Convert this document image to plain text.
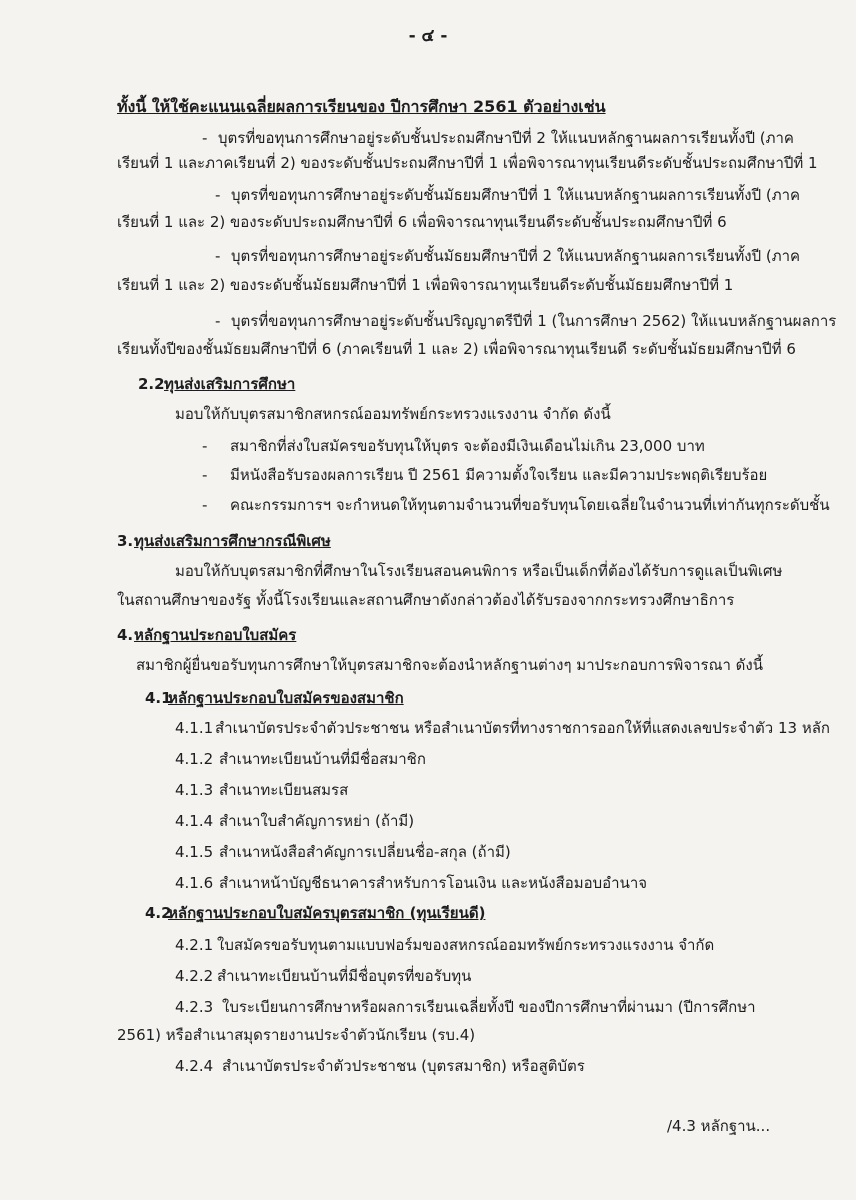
- ๔ -
ทั้งนี้ ให้ใช้คะแนนเฉลี่ยผลการเรียนของ ปีการศึกษา 2561 ตัวอย่างเช่น
- บุตรที่ขอทุนการศึกษาอยู่ระดับชั้นประถมศึกษาปีที่ 2 ให้แนบหลักฐานผลการเรียนทั้งปี (ภาค
เรียนที่ 1 และภาคเรียนที่ 2) ของระดับชั้นประถมศึกษาปีที่ 1 เพื่อพิจารณาทุนเรียนดีระดับชั้นประถมศึกษาปีที่ 1
- บุตรที่ขอทุนการศึกษาอยู่ระดับชั้นมัธยมศึกษาปีที่ 1 ให้แนบหลักฐานผลการเรียนทั้งปี (ภาค
เรียนที่ 1 และ 2) ของระดับประถมศึกษาปีที่ 6 เพื่อพิจารณาทุนเรียนดีระดับชั้นประถมศึกษาปีที่ 6
- บุตรที่ขอทุนการศึกษาอยู่ระดับชั้นมัธยมศึกษาปีที่ 2 ให้แนบหลักฐานผลการเรียนทั้งปี (ภาค
เรียนที่ 1 และ 2) ของระดับชั้นมัธยมศึกษาปีที่ 1 เพื่อพิจารณาทุนเรียนดีระดับชั้นมัธยมศึกษาปีที่ 1
- บุตรที่ขอทุนการศึกษาอยู่ระดับชั้นปริญญาตรีปีที่ 1 (ในการศึกษา 2562) ให้แนบหลักฐานผลการ
เรียนทั้งปีของชั้นมัธยมศึกษาปีที่ 6 (ภาคเรียนที่ 1 และ 2) เพื่อพิจารณาทุนเรียนดี ระดับชั้นมัธยมศึกษาปีที่ 6
2.2 ทุนส่งเสริมการศึกษา
มอบให้กับบุตรสมาชิกสหกรณ์ออมทรัพย์กระทรวงแรงงาน จำกัด ดังนี้
- สมาชิกที่ส่งใบสมัครขอรับทุนให้บุตร จะต้องมีเงินเดือนไม่เกิน 23,000 บาท
- มีหนังสือรับรองผลการเรียน ปี 2561 มีความตั้งใจเรียน และมีความประพฤติเรียบร้อย
- คณะกรรมการฯ จะกำหนดให้ทุนตามจำนวนที่ขอรับทุนโดยเฉลี่ยในจำนวนที่เท่ากันทุกระดับชั้น
3. ทุนส่งเสริมการศึกษากรณีพิเศษ
มอบให้กับบุตรสมาชิกที่ศึกษาในโรงเรียนสอนคนพิการ หรือเป็นเด็กที่ต้องได้รับการดูแลเป็นพิเศษ
ในสถานศึกษาของรัฐ ทั้งนี้โรงเรียนและสถานศึกษาดังกล่าวต้องได้รับรองจากกระทรวงศึกษาธิการ
4. หลักฐานประกอบใบสมัคร
สมาชิกผู้ยื่นขอรับทุนการศึกษาให้บุตรสมาชิกจะต้องนำหลักฐานต่างๆ มาประกอบการพิจารณา ดังนี้
4.1
หลักฐานประกอบใบสมัครของสมาชิก
4.1.1 สำเนาบัตรประจำตัวประชาชน หรือสำเนาบัตรที่ทางราชการออกให้ที่แสดงเลขประจำตัว 13 หลัก
4.1.2 สำเนาทะเบียนบ้านที่มีชื่อสมาชิก
4.1.3 สำเนาทะเบียนสมรส
4.1.4 สำเนาใบสำคัญการหย่า (ถ้ามี)
4.1.5 สำเนาหนังสือสำคัญการเปลี่ยนชื่อ-สกุล (ถ้ามี)
4.1.6 สำเนาหน้าบัญชีธนาคารสำหรับการโอนเงิน และหนังสือมอบอำนาจ
4.2
หลักฐานประกอบใบสมัครบุตรสมาชิก (ทุนเรียนดี)
4.2.1 ใบสมัครขอรับทุนตามแบบฟอร์มของสหกรณ์ออมทรัพย์กระทรวงแรงงาน จำกัด
4.2.2 สำเนาทะเบียนบ้านที่มีชื่อบุตรที่ขอรับทุน
4.2.3 ใบระเบียนการศึกษาหรือผลการเรียนเฉลี่ยทั้งปี ของปีการศึกษาที่ผ่านมา (ปีการศึกษา
2561) หรือสำเนาสมุดรายงานประจำตัวนักเรียน (รบ.4)
4.2.4 สำเนาบัตรประจำตัวประชาชน (บุตรสมาชิก) หรือสูติบัตร
/4.3 หลักฐาน...
